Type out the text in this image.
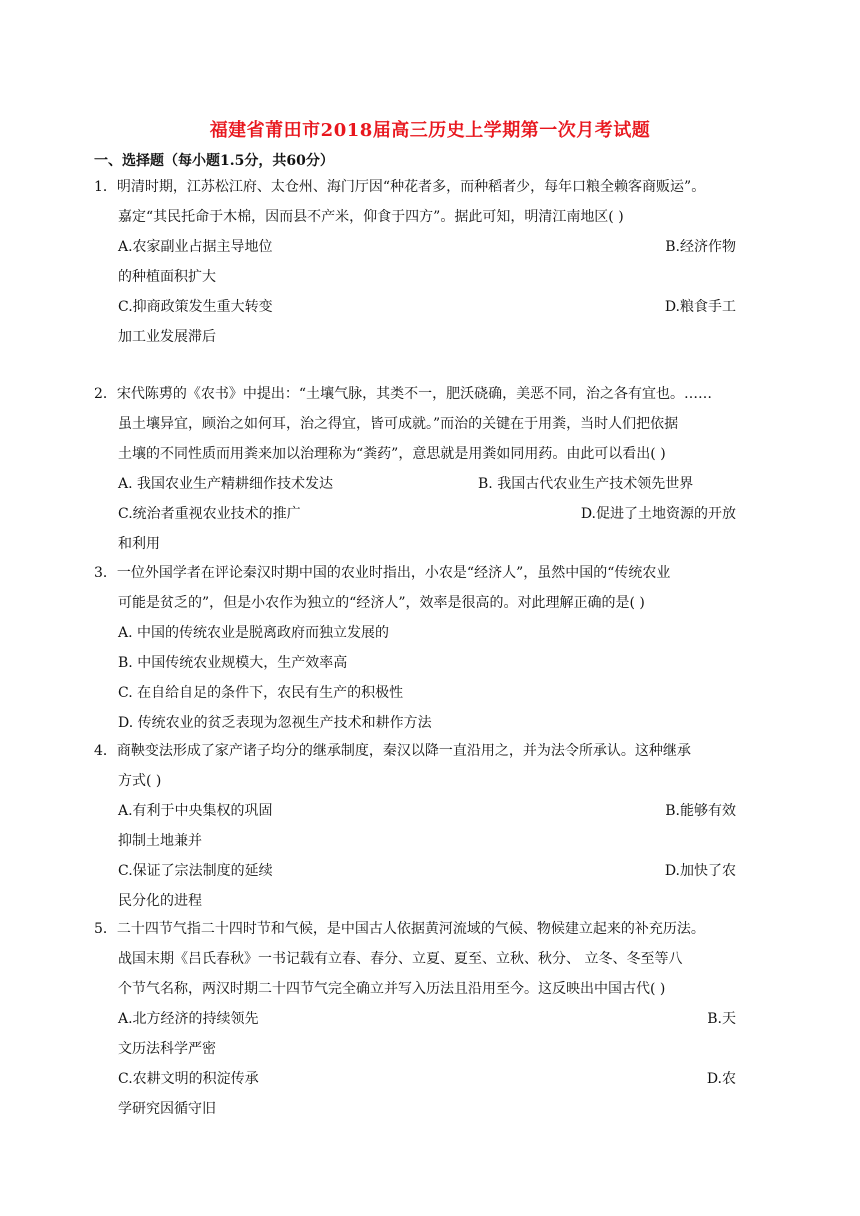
福建省莆田市2018届高三历史上学期第一次月考试题
一、选择题（每小题1.5分，共60分）
1．明清时期，江苏松江府、太仓州、海门厅因“种花者多，而种稻者少，每年口粮全赖客商贩运”。
嘉定“其民托命于木棉，因而县不产米，仰食于四方”。据此可知，明清江南地区( )
A.农家副业占据主导地位	B.经济作物
的种植面积扩大
C.抑商政策发生重大转变	D.粮食手工
加工业发展滞后
2．宋代陈旉的《农书》中提出：“土壤气脉，其类不一，肥沃硗确，美恶不同，治之各有宜也。……
虽土壤异宜，顾治之如何耳，治之得宜，皆可成就。”而治的关键在于用粪，当时人们把依据
土壤的不同性质而用粪来加以治理称为“粪药”，意思就是用粪如同用药。由此可以看出( )
A. 我国农业生产精耕细作技术发达	B. 我国古代农业生产技术领先世界
C.统治者重视农业技术的推广	D.促进了土地资源的开放
和利用
3．一位外国学者在评论秦汉时期中国的农业时指出，小农是“经济人”，虽然中国的“传统农业
可能是贫乏的”，但是小农作为独立的“经济人”，效率是很高的。对此理解正确的是( )
A. 中国的传统农业是脱离政府而独立发展的
B. 中国传统农业规模大，生产效率高
C. 在自给自足的条件下，农民有生产的积极性
D. 传统农业的贫乏表现为忽视生产技术和耕作方法
4．商鞅变法形成了家产诸子均分的继承制度，秦汉以降一直沿用之，并为法令所承认。这种继承
方式( )
A.有利于中央集权的巩固	B.能够有效
抑制土地兼并
C.保证了宗法制度的延续	D.加快了农
民分化的进程
5．二十四节气指二十四时节和气候，是中国古人依据黄河流域的气候、物候建立起来的补充历法。
战国末期《吕氏春秋》一书记载有立春、春分、立夏、夏至、立秋、秋分、 立冬、冬至等八
个节气名称，两汉时期二十四节气完全确立并写入历法且沿用至今。这反映出中国古代( )
A.北方经济的持续领先	B.天
文历法科学严密
C.农耕文明的积淀传承	D.农
学研究因循守旧
